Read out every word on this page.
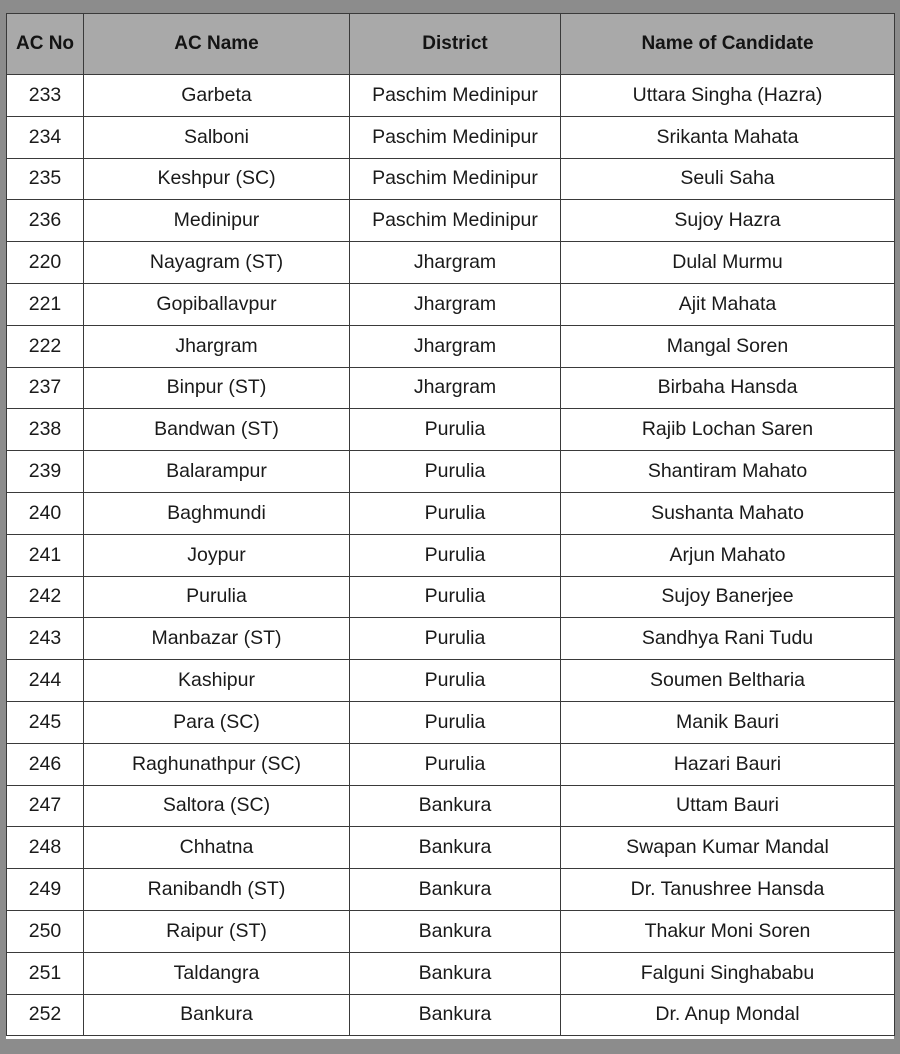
AC No	AC Name	District	Name of Candidate
233	Garbeta	Paschim Medinipur	Uttara Singha (Hazra)
234	Salboni	Paschim Medinipur	Srikanta Mahata
235	Keshpur (SC)	Paschim Medinipur	Seuli Saha
236	Medinipur	Paschim Medinipur	Sujoy Hazra
220	Nayagram (ST)	Jhargram	Dulal Murmu
221	Gopiballavpur	Jhargram	Ajit Mahata
222	Jhargram	Jhargram	Mangal Soren
237	Binpur (ST)	Jhargram	Birbaha Hansda
238	Bandwan (ST)	Purulia	Rajib Lochan Saren
239	Balarampur	Purulia	Shantiram Mahato
240	Baghmundi	Purulia	Sushanta Mahato
241	Joypur	Purulia	Arjun Mahato
242	Purulia	Purulia	Sujoy Banerjee
243	Manbazar (ST)	Purulia	Sandhya Rani Tudu
244	Kashipur	Purulia	Soumen Beltharia
245	Para (SC)	Purulia	Manik Bauri
246	Raghunathpur (SC)	Purulia	Hazari Bauri
247	Saltora (SC)	Bankura	Uttam Bauri
248	Chhatna	Bankura	Swapan Kumar Mandal
249	Ranibandh (ST)	Bankura	Dr. Tanushree Hansda
250	Raipur (ST)	Bankura	Thakur Moni Soren
251	Taldangra	Bankura	Falguni Singhababu
252	Bankura	Bankura	Dr. Anup Mondal
